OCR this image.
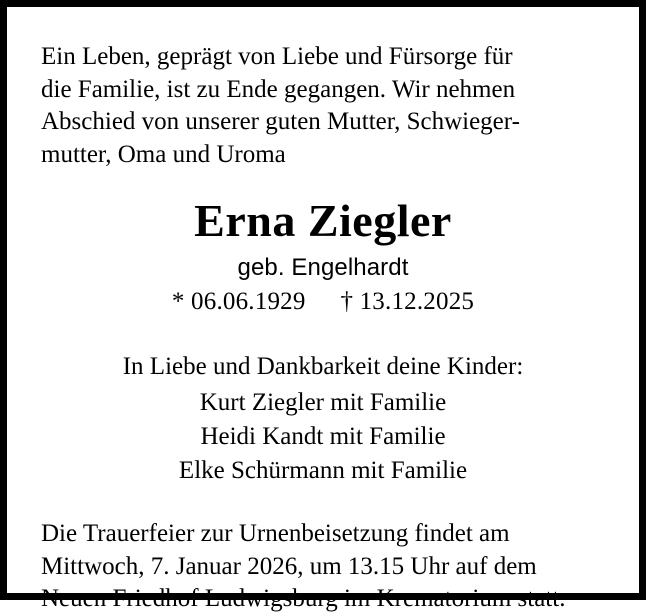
Ein Leben, geprägt von Liebe und Fürsorge für
die Familie, ist zu Ende gegangen. Wir nehmen
Abschied von unserer guten Mutter, Schwieger-
mutter, Oma und Uroma
Erna Ziegler
geb. Engelhardt
* 06.06.1929 † 13.12.2025
In Liebe und Dankbarkeit deine Kinder:
Kurt Ziegler mit Familie
Heidi Kandt mit Familie
Elke Schürmann mit Familie
Die Trauerfeier zur Urnenbeisetzung findet am
Mittwoch, 7. Januar 2026, um 13.15 Uhr auf dem
Neuen Friedhof Ludwigsburg im Krematorium statt.
